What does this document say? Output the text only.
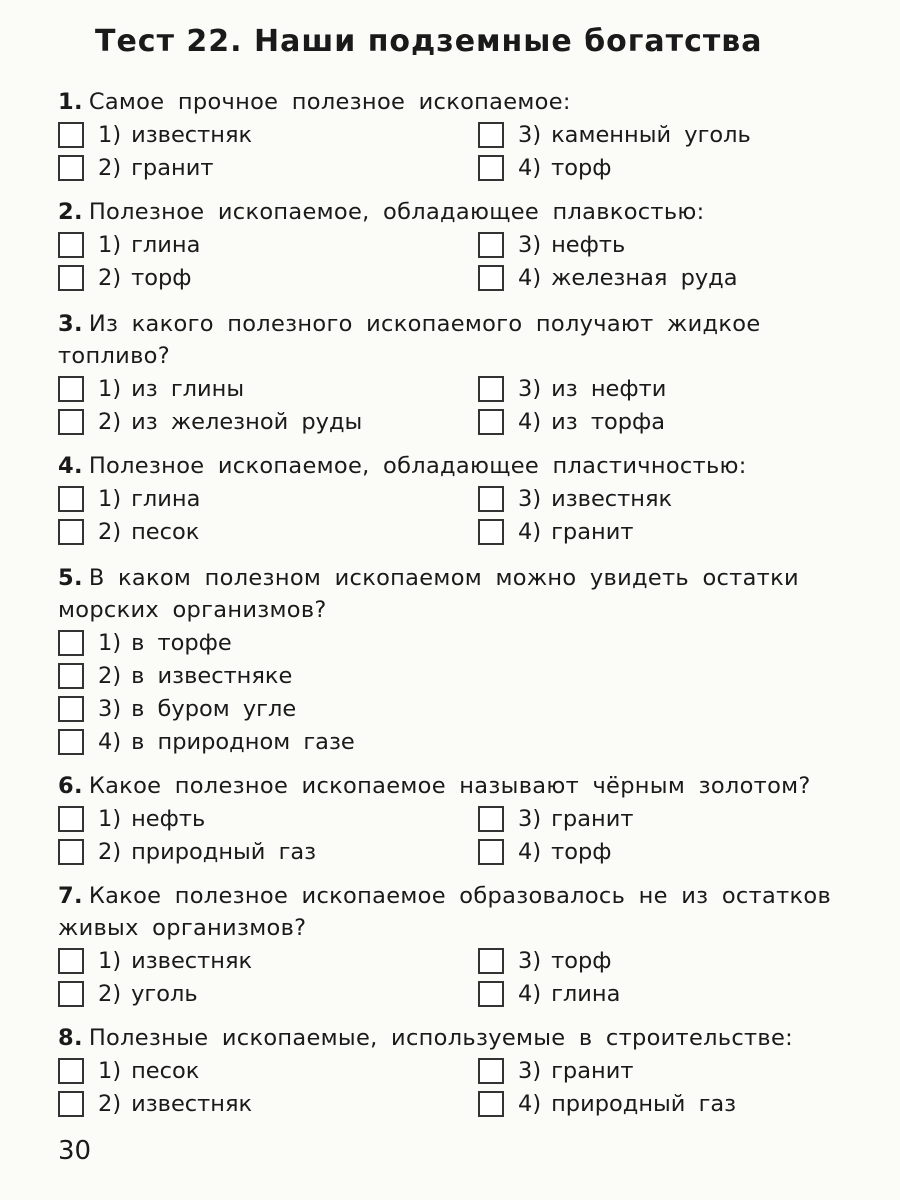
Тест 22. Наши подземные богатства
1. Самое прочное полезное ископаемое:
1) известняк
2) гранит
3) каменный уголь
4) торф
2. Полезное ископаемое, обладающее плавкостью:
1) глина
2) торф
3) нефть
4) железная руда
3. Из какого полезного ископаемого получают жидкое топливо?
1) из глины
2) из железной руды
3) из нефти
4) из торфа
4. Полезное ископаемое, обладающее пластичностью:
1) глина
2) песок
3) известняк
4) гранит
5. В каком полезном ископаемом можно увидеть остатки морских организмов?
1) в торфе
2) в известняке
3) в буром угле
4) в природном газе
6. Какое полезное ископаемое называют чёрным золотом?
1) нефть
2) природный газ
3) гранит
4) торф
7. Какое полезное ископаемое образовалось не из остатков живых организмов?
1) известняк
2) уголь
3) торф
4) глина
8. Полезные ископаемые, используемые в строительстве:
1) песок
2) известняк
3) гранит
4) природный газ
30
